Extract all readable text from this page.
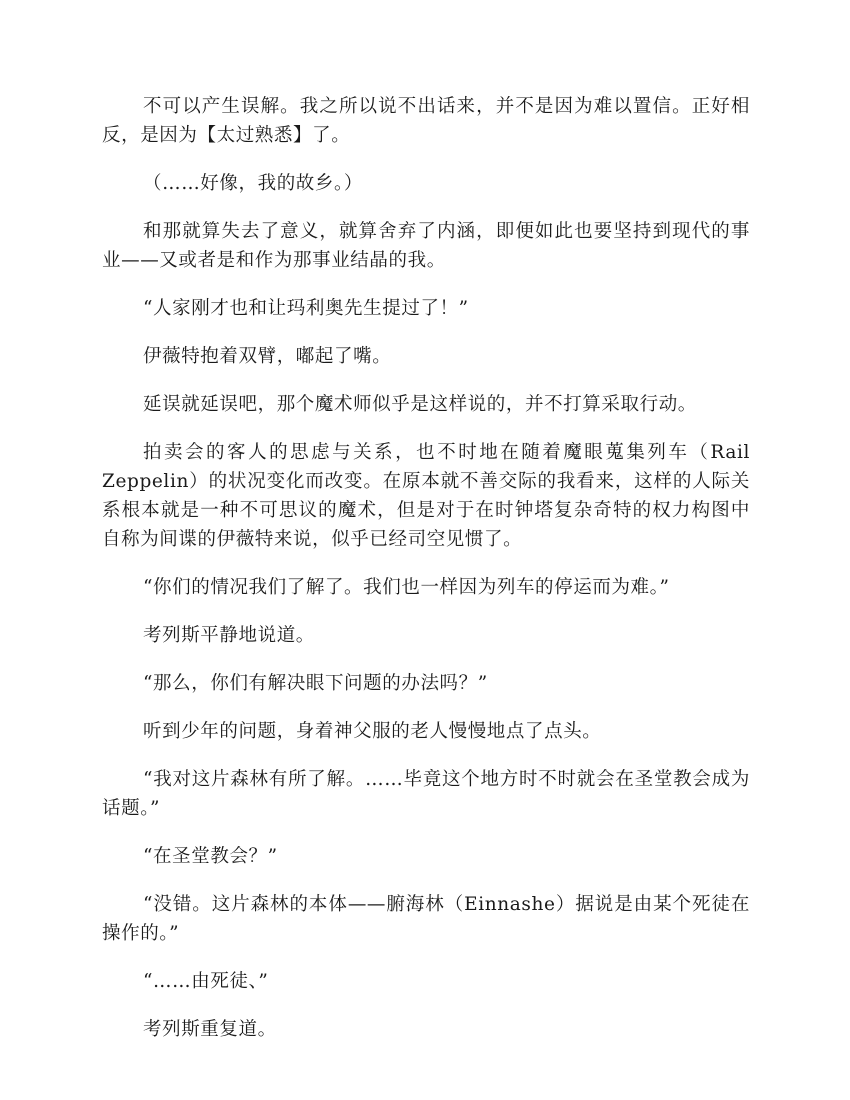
不可以产生误解。我之所以说不出话来，并不是因为难以置信。正好相反，是因为【太过熟悉】了。

（……好像，我的故乡。）

和那就算失去了意义，就算舍弃了内涵，即便如此也要坚持到现代的事业——又或者是和作为那事业结晶的我。

“人家刚才也和让玛利奥先生提过了！”

伊薇特抱着双臂，嘟起了嘴。

延误就延误吧，那个魔术师似乎是这样说的，并不打算采取行动。

拍卖会的客人的思虑与关系，也不时地在随着魔眼蒐集列车（Rail Zeppelin）的状况变化而改变。在原本就不善交际的我看来，这样的人际关系根本就是一种不可思议的魔术，但是对于在时钟塔复杂奇特的权力构图中自称为间谍的伊薇特来说，似乎已经司空见惯了。

“你们的情况我们了解了。我们也一样因为列车的停运而为难。”

考列斯平静地说道。

“那么，你们有解决眼下问题的办法吗？”

听到少年的问题，身着神父服的老人慢慢地点了点头。

“我对这片森林有所了解。……毕竟这个地方时不时就会在圣堂教会成为话题。”

“在圣堂教会？”

“没错。这片森林的本体——腑海林（Einnashe）据说是由某个死徒在操作的。”

“……由死徒、”

考列斯重复道。
